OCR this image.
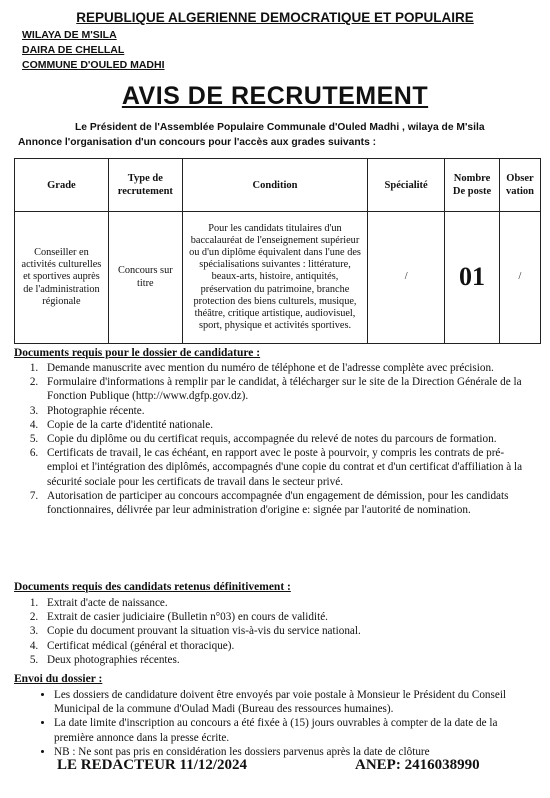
REPUBLIQUE ALGERIENNE DEMOCRATIQUE ET POPULAIRE
WILAYA DE M'SILA
DAIRA DE CHELLAL
COMMUNE D'OULED MADHI
AVIS DE RECRUTEMENT
Le Président de l'Assemblée Populaire Communale d'Ouled Madhi , wilaya de M'sila
Annonce l'organisation d'un concours pour l'accès aux grades suivants :
Grade	Type de recrutement	Condition	Spécialité	Nombre De poste	Obser vation
Conseiller en activités culturelles et sportives auprès de l'administration régionale	Concours sur titre	Pour les candidats titulaires d'un baccalauréat de l'enseignement supérieur ou d'un diplôme équivalent dans l'une des spécialisations suivantes : littérature, beaux-arts, histoire, antiquités, préservation du patrimoine, branche protection des biens culturels, musique, théâtre, critique artistique, audiovisuel, sport, physique et activités sportives.	/	01	/
Documents requis pour le dossier de candidature :
1. Demande manuscrite avec mention du numéro de téléphone et de l'adresse complète avec précision.
2. Formulaire d'informations à remplir par le candidat, à télécharger sur le site de la Direction Générale de la Fonction Publique (http://www.dgfp.gov.dz).
3. Photographie récente.
4. Copie de la carte d'identité nationale.
5. Copie du diplôme ou du certificat requis, accompagnée du relevé de notes du parcours de formation.
6. Certificats de travail, le cas échéant, en rapport avec le poste à pourvoir, y compris les contrats de pré-emploi et l'intégration des diplômés, accompagnés d'une copie du contrat et d'un certificat d'affiliation à la sécurité sociale pour les certificats de travail dans le secteur privé.
7. Autorisation de participer au concours accompagnée d'un engagement de démission, pour les candidats fonctionnaires, délivrée par leur administration d'origine e: signée par l'autorité de nomination.
Documents requis des candidats retenus définitivement :
1. Extrait d'acte de naissance.
2. Extrait de casier judiciaire (Bulletin n°03) en cours de validité.
3. Copie du document prouvant la situation vis-à-vis du service national.
4. Certificat médical (général et thoracique).
5. Deux photographies récentes.
Envoi du dossier :
• Les dossiers de candidature doivent être envoyés par voie postale à Monsieur le Président du Conseil Municipal de la commune d'Oulad Madi (Bureau des ressources humaines).
• La date limite d'inscription au concours a été fixée à (15) jours ouvrables à compter de la date de la première annonce dans la presse écrite.
• NB : Ne sont pas pris en considération les dossiers parvenus après la date de clôture
LE REDACTEUR 11/12/2024	ANEP: 2416038990
